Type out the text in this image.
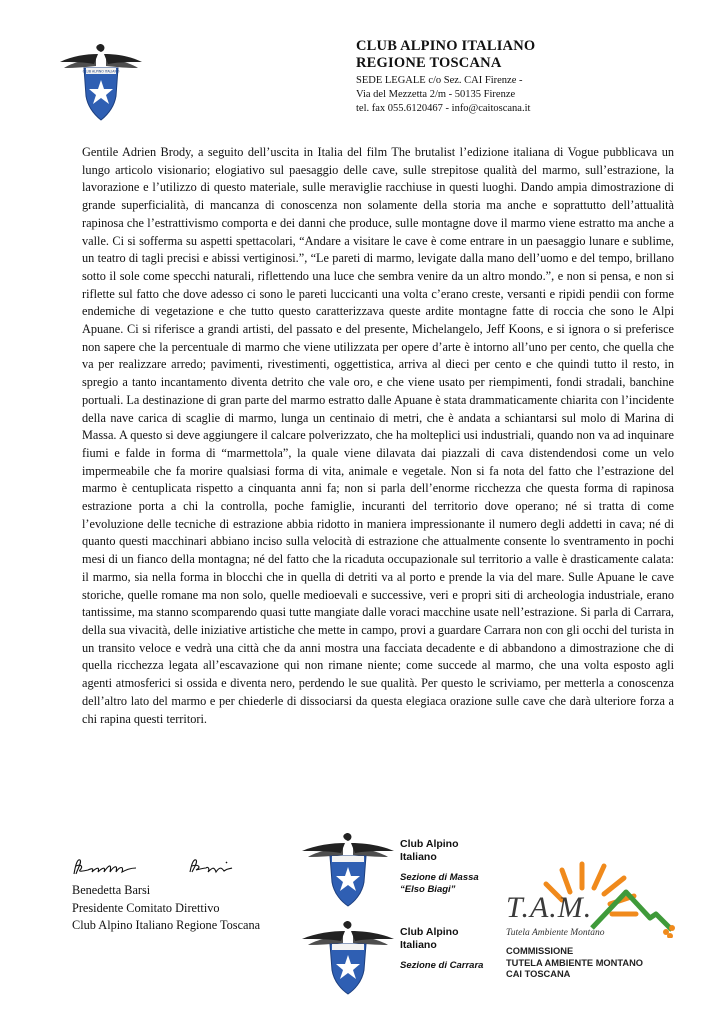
CLUB ALPINO ITALIANO
CLUB ALPINO ITALIANO
REGIONE TOSCANA
SEDE LEGALE c/o Sez. CAI Firenze -
Via del Mezzetta 2/m - 50135 Firenze
tel. fax 055.6120467 - info@caitoscana.it
Gentile Adrien Brody, a seguito dell’uscita in Italia del film The brutalist l’edizione italiana di Vogue pubblicava un lungo articolo visionario; elogiativo sul paesaggio delle cave, sulle strepitose qualità del marmo, sull’estrazione, la lavorazione e l’utilizzo di questo materiale, sulle meraviglie racchiuse in questi luoghi. Dando ampia dimostrazione di grande superficialità, di mancanza di conoscenza non solamente della storia ma anche e soprattutto dell’attualità rapinosa che l’estrattivismo comporta e dei danni che produce, sulle montagne dove il marmo viene estratto ma anche a valle. Ci si sofferma su aspetti spettacolari, “Andare a visitare le cave è come entrare in un paesaggio lunare e sublime, un teatro di tagli precisi e abissi vertiginosi.”, “Le pareti di marmo, levigate dalla mano dell’uomo e del tempo, brillano sotto il sole come specchi naturali, riflettendo una luce che sembra venire da un altro mondo.”, e non si pensa, e non si riflette sul fatto che dove adesso ci sono le pareti luccicanti una volta c’erano creste, versanti e ripidi pendii con forme endemiche di vegetazione e che tutto questo caratterizzava queste ardite montagne fatte di roccia che sono le Alpi Apuane. Ci si riferisce a grandi artisti, del passato e del presente, Michelangelo, Jeff Koons, e si ignora o si preferisce non sapere che la percentuale di marmo che viene utilizzata per opere d’arte è intorno all’uno per cento, che quella che va per realizzare arredo; pavimenti, rivestimenti, oggettistica, arriva al dieci per cento e che quindi tutto il resto, in spregio a tanto incantamento diventa detrito che vale oro, e che viene usato per riempimenti, fondi stradali, banchine portuali. La destinazione di gran parte del marmo estratto dalle Apuane è stata drammaticamente chiarita con l’incidente della nave carica di scaglie di marmo, lunga un centinaio di metri, che è andata a schiantarsi sul molo di Marina di Massa. A questo si deve aggiungere il calcare polverizzato, che ha molteplici usi industriali, quando non va ad inquinare fiumi e falde in forma di “marmettola”, la quale viene dilavata dai piazzali di cava distendendosi come un velo impermeabile che fa morire qualsiasi forma di vita, animale e vegetale. Non si fa nota del fatto che l’estrazione del marmo è centuplicata rispetto a cinquanta anni fa; non si parla dell’enorme ricchezza che questa forma di rapinosa estrazione porta a chi la controlla, poche famiglie, incuranti del territorio dove operano; né si tratta di come l’evoluzione delle tecniche di estrazione abbia ridotto in maniera impressionante il numero degli addetti in cava; né di quanto questi macchinari abbiano inciso sulla velocità di estrazione che attualmente consente lo sventramento in pochi mesi di un fianco della montagna; né del fatto che la ricaduta occupazionale sul territorio a valle è drasticamente calata: il marmo, sia nella forma in blocchi che in quella di detriti va al porto e prende la via del mare. Sulle Apuane le cave storiche, quelle romane ma non solo, quelle medioevali e successive, veri e propri siti di archeologia industriale, erano tantissime, ma stanno scomparendo quasi tutte mangiate dalle voraci macchine usate nell’estrazione. Si parla di Carrara, della sua vivacità, delle iniziative artistiche che mette in campo, provi a guardare Carrara non con gli occhi del turista in un transito veloce e vedrà una città che da anni mostra una facciata decadente e di abbandono a dimostrazione che di quella ricchezza legata all’escavazione qui non rimane niente; come succede al marmo, che una volta esposto agli agenti atmosferici si ossida e diventa nero, perdendo le sue qualità. Per questo le scriviamo, per metterla a conoscenza dell’altro lato del marmo e per chiederle di dissociarsi da questa elegiaca orazione sulle cave che darà ulteriore forza a chi rapina questi territori.
Benedetta Barsi
Presidente Comitato Direttivo
Club Alpino Italiano Regione Toscana
Club Alpino
Italiano
Sezione di Massa
“Elso Biagi”
Club Alpino
Italiano
Sezione di Carrara
T.A.M.
Tutela Ambiente Montano
COMMISSIONE
TUTELA AMBIENTE MONTANO
CAI TOSCANA
